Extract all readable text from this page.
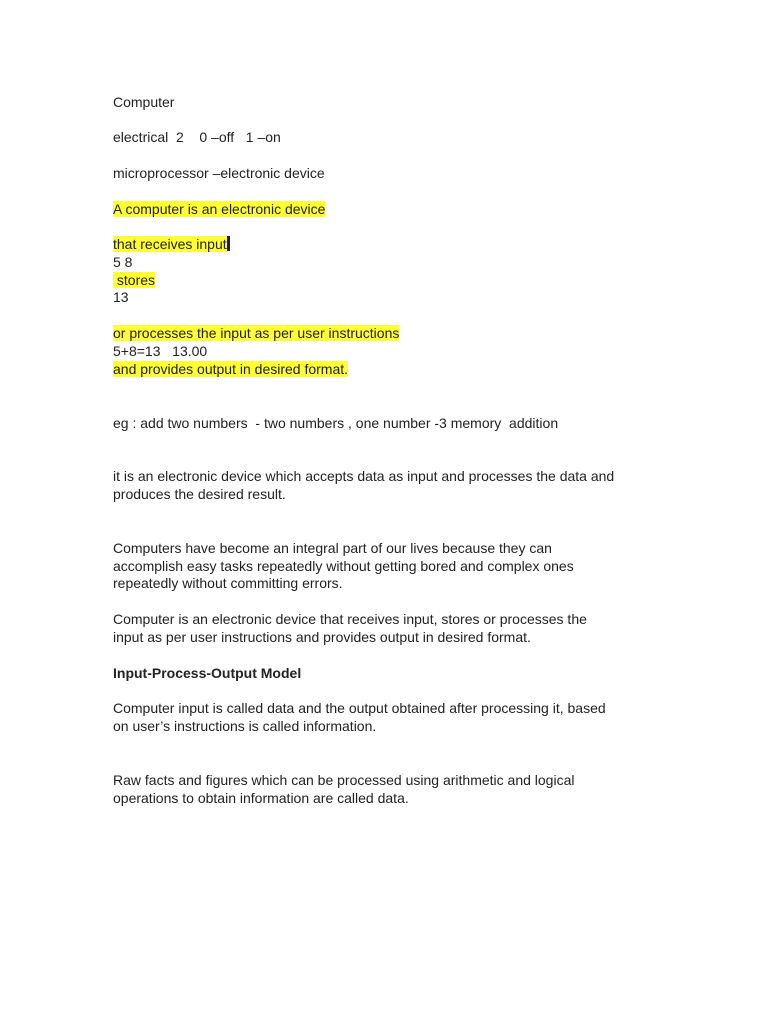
Computer
electrical  2    0 –off   1 –on
microprocessor –electronic device
A computer is an electronic device
that receives input
5 8
stores
13
or processes the input as per user instructions
5+8=13   13.00
and provides output in desired format.
eg : add two numbers  - two numbers , one number -3 memory  addition
it is an electronic device which accepts data as input and processes the data and
produces the desired result.
Computers have become an integral part of our lives because they can
accomplish easy tasks repeatedly without getting bored and complex ones
repeatedly without committing errors.
Computer is an electronic device that receives input, stores or processes the
input as per user instructions and provides output in desired format.
Input-Process-Output Model
Computer input is called data and the output obtained after processing it, based
on user’s instructions is called information.
Raw facts and figures which can be processed using arithmetic and logical
operations to obtain information are called data.
